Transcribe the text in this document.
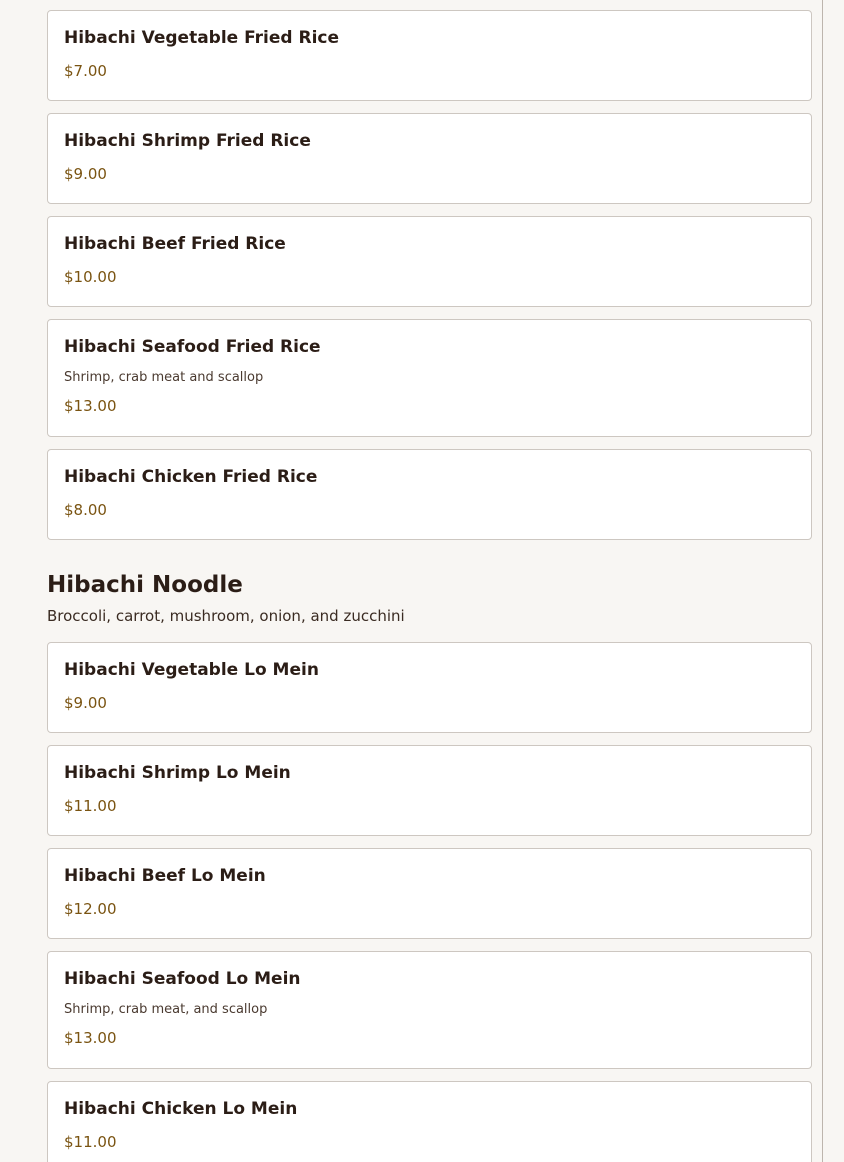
Hibachi Vegetable Fried Rice
$7.00
Hibachi Shrimp Fried Rice
$9.00
Hibachi Beef Fried Rice
$10.00
Hibachi Seafood Fried Rice
Shrimp, crab meat and scallop
$13.00
Hibachi Chicken Fried Rice
$8.00
Hibachi Noodle
Broccoli, carrot, mushroom, onion, and zucchini
Hibachi Vegetable Lo Mein
$9.00
Hibachi Shrimp Lo Mein
$11.00
Hibachi Beef Lo Mein
$12.00
Hibachi Seafood Lo Mein
Shrimp, crab meat, and scallop
$13.00
Hibachi Chicken Lo Mein
$11.00
